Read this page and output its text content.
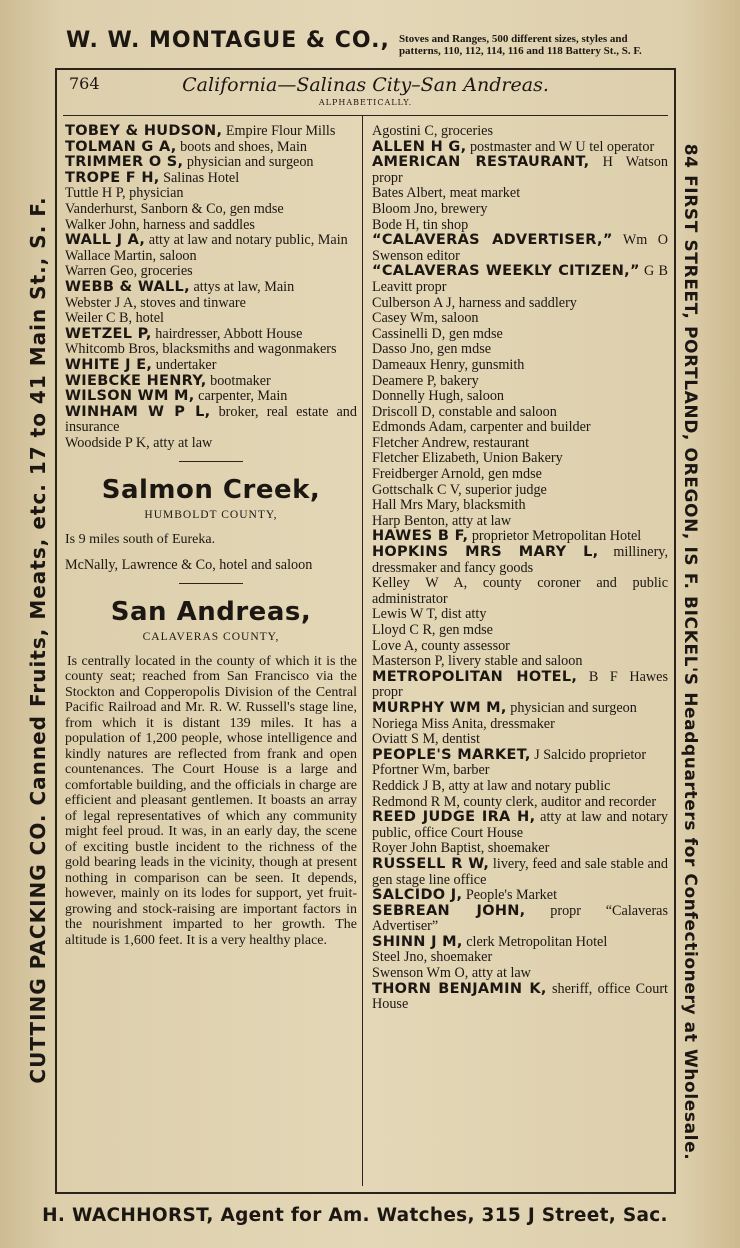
W. W. MONTAGUE & CO., Stoves and Ranges, 500 different sizes, styles and
patterns, 110, 112, 114, 116 and 118 Battery St., S. F.
CUTTING PACKING CO. Canned Fruits, Meats, etc. 17 to 41 Main St., S. F.	84 FIRST STREET, PORTLAND, OREGON, IS F. BICKEL'S Headquarters for Confectionery at Wholesale.
764	California—Salinas City–San Andreas.
ALPHABETICALLY.
TOBEY & HUDSON, Empire Flour Mills
TOLMAN G A, boots and shoes, Main
TRIMMER O S, physician and surgeon
TROPE F H, Salinas Hotel
Tuttle H P, physician
Vanderhurst, Sanborn & Co, gen mdse
Walker John, harness and saddles
WALL J A, atty at law and notary public, Main
Wallace Martin, saloon
Warren Geo, groceries
WEBB & WALL, attys at law, Main
Webster J A, stoves and tinware
Weiler C B, hotel
WETZEL P, hairdresser, Abbott House
Whitcomb Bros, blacksmiths and wagonmakers
WHITE J E, undertaker
WIEBCKE HENRY, bootmaker
WILSON WM M, carpenter, Main
WINHAM W P L, broker, real estate and insurance
Woodside P K, atty at law
Salmon Creek,
HUMBOLDT COUNTY,
Is 9 miles south of Eureka.
McNally, Lawrence & Co, hotel and saloon
San Andreas,
CALAVERAS COUNTY,
Is centrally located in the county of which it is the county seat; reached from San Francisco via the Stockton and Copperopolis Division of the Central Pacific Railroad and Mr. R. W. Russell's stage line, from which it is distant 139 miles. It has a population of 1,200 people, whose intelligence and kindly natures are reflected from frank and open countenances. The Court House is a large and comfortable building, and the officials in charge are efficient and pleasant gentlemen. It boasts an array of legal representatives of which any community might feel proud. It was, in an early day, the scene of exciting bustle incident to the richness of the gold bearing leads in the vicinity, though at present nothing in comparison can be seen. It depends, however, mainly on its lodes for support, yet fruit-growing and stock-raising are important factors in the nourishment imparted to her growth. The altitude is 1,600 feet. It is a very healthy place.
Agostini C, groceries
ALLEN H G, postmaster and W U tel operator
AMERICAN RESTAURANT, H Watson propr
Bates Albert, meat market
Bloom Jno, brewery
Bode H, tin shop
“CALAVERAS ADVERTISER,” Wm O Swenson editor
“CALAVERAS WEEKLY CITIZEN,” G B Leavitt propr
Culberson A J, harness and saddlery
Casey Wm, saloon
Cassinelli D, gen mdse
Dasso Jno, gen mdse
Dameaux Henry, gunsmith
Deamere P, bakery
Donnelly Hugh, saloon
Driscoll D, constable and saloon
Edmonds Adam, carpenter and builder
Fletcher Andrew, restaurant
Fletcher Elizabeth, Union Bakery
Freidberger Arnold, gen mdse
Gottschalk C V, superior judge
Hall Mrs Mary, blacksmith
Harp Benton, atty at law
HAWES B F, proprietor Metropolitan Hotel
HOPKINS MRS MARY L, millinery, dressmaker and fancy goods
Kelley W A, county coroner and public administrator
Lewis W T, dist atty
Lloyd C R, gen mdse
Love A, county assessor
Masterson P, livery stable and saloon
METROPOLITAN HOTEL, B F Hawes propr
MURPHY WM M, physician and surgeon
Noriega Miss Anita, dressmaker
Oviatt S M, dentist
PEOPLE'S MARKET, J Salcido proprietor
Pfortner Wm, barber
Reddick J B, atty at law and notary public
Redmond R M, county clerk, auditor and recorder
REED JUDGE IRA H, atty at law and notary public, office Court House
Royer John Baptist, shoemaker
RUSSELL R W, livery, feed and sale stable and gen stage line office
SALCIDO J, People's Market
SEBREAN JOHN, propr “Calaveras Advertiser”
SHINN J M, clerk Metropolitan Hotel
Steel Jno, shoemaker
Swenson Wm O, atty at law
THORN BENJAMIN K, sheriff, office Court House
H. WACHHORST, Agent for Am. Watches, 315 J Street, Sac.
